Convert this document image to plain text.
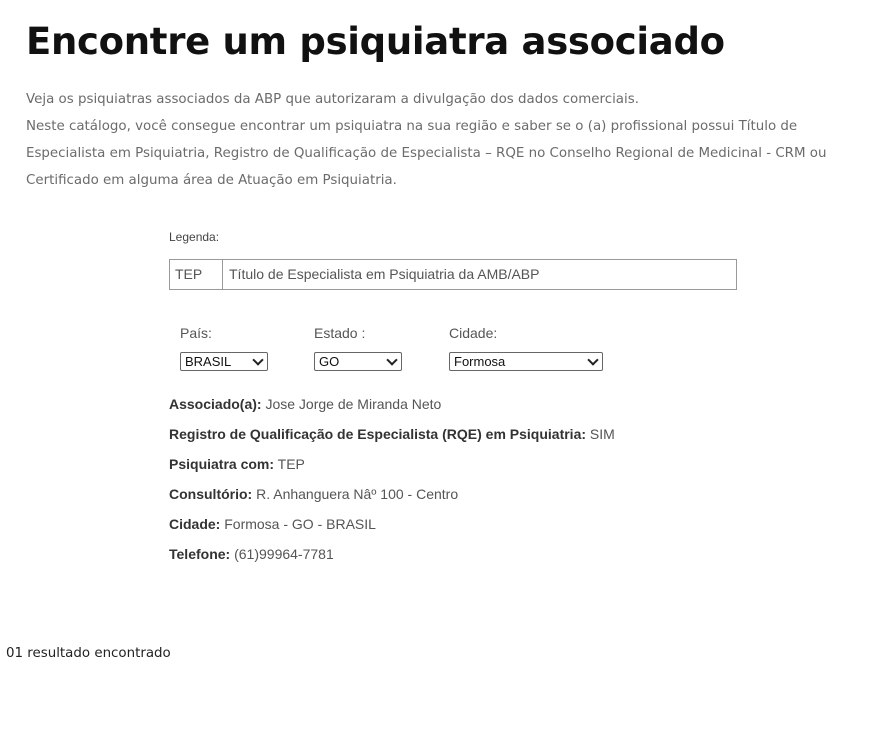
Encontre um psiquiatra associado

Veja os psiquiatras associados da ABP que autorizaram a divulgação dos dados comerciais.

Neste catálogo, você consegue encontrar um psiquiatra na sua região e saber se o (a) profissional possui Título de Especialista em Psiquiatria, Registro de Qualificação de Especialista – RQE no Conselho Regional de Medicinal - CRM ou Certificado em alguma área de Atuação em Psiquiatria.

Legenda:
TEP	Título de Especialista em Psiquiatria da AMB/ABP
País:
BRASIL
Estado :
GO
Cidade:
Formosa
Associado(a): Jose Jorge de Miranda Neto
Registro de Qualificação de Especialista (RQE) em Psiquiatria: SIM
Psiquiatra com: TEP
Consultório: R. Anhanguera Nâº 100 - Centro
Cidade: Formosa - GO - BRASIL
Telefone: (61)99964-7781
01 resultado encontrado
